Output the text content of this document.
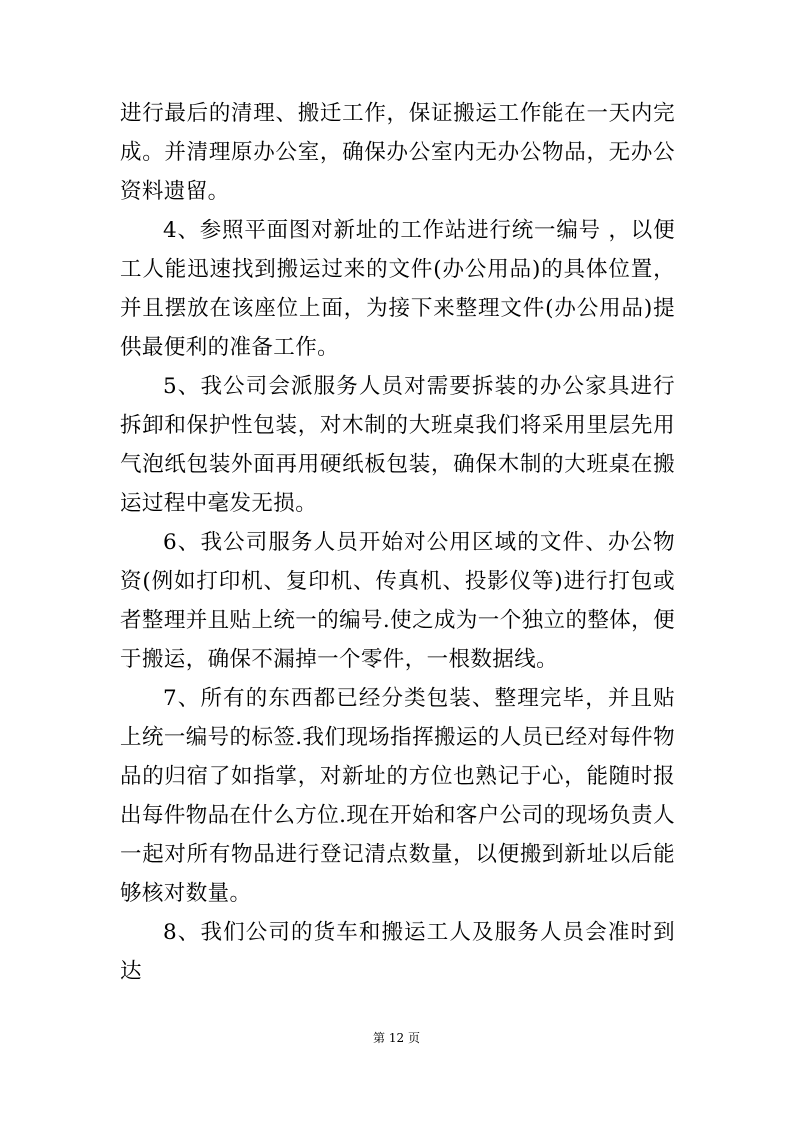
进行最后的清理、搬迁工作，保证搬运工作能在一天内完成。并清理原办公室，确保办公室内无办公物品，无办公资料遗留。

4、参照平面图对新址的工作站进行统一编号 ，以便工人能迅速找到搬运过来的文件(办公用品)的具体位置，并且摆放在该座位上面，为接下来整理文件(办公用品)提供最便利的准备工作。

5、我公司会派服务人员对需要拆装的办公家具进行拆卸和保护性包装，对木制的大班桌我们将采用里层先用气泡纸包装外面再用硬纸板包装，确保木制的大班桌在搬运过程中毫发无损。

6、我公司服务人员开始对公用区域的文件、办公物资(例如打印机、复印机、传真机、投影仪等)进行打包或者整理并且贴上统一的编号.使之成为一个独立的整体，便于搬运，确保不漏掉一个零件，一根数据线。

7、所有的东西都已经分类包装、整理完毕，并且贴上统一编号的标签.我们现场指挥搬运的人员已经对每件物品的归宿了如指掌，对新址的方位也熟记于心，能随时报出每件物品在什么方位.现在开始和客户公司的现场负责人一起对所有物品进行登记清点数量，以便搬到新址以后能够核对数量。

8、我们公司的货车和搬运工人及服务人员会准时到达

第 12 页
